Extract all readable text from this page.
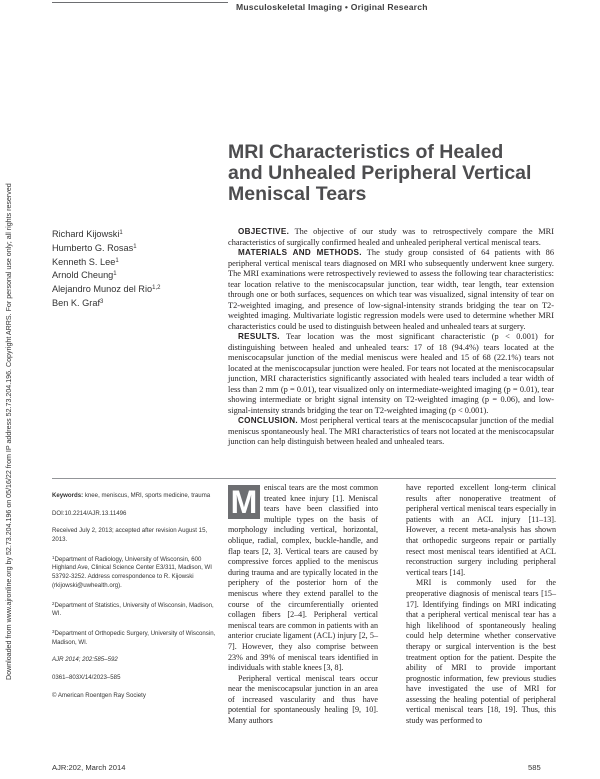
Downloaded from www.ajronline.org by 52.73.204.196 on 05/16/22 from IP address 52.73.204.196. Copyright ARRS. For personal use only; all rights reserved
Musculoskeletal Imaging • Original Research
MRI Characteristics of Healed
and Unhealed Peripheral Vertical
Meniscal Tears
Richard Kijowski$^1$
Humberto G. Rosas$^1$
Kenneth S. Lee$^1$
Arnold Cheung$^1$
Alejandro Munoz del Rio$^{1,2}$
Ben K. Graf$^3$

OBJECTIVE. The objective of our study was to retrospectively compare the MRI characteristics of surgically confirmed healed and unhealed peripheral vertical meniscal tears.

MATERIALS AND METHODS. The study group consisted of 64 patients with 86 peripheral vertical meniscal tears diagnosed on MRI who subsequently underwent knee surgery. The MRI examinations were retrospectively reviewed to assess the following tear characteristics: tear location relative to the meniscocapsular junction, tear width, tear length, tear extension through one or both surfaces, sequences on which tear was visualized, signal intensity of tear on T2-weighted imaging, and presence of low-signal-intensity strands bridging the tear on T2-weighted imaging. Multivariate logistic regression models were used to determine whether MRI characteristics could be used to distinguish between healed and unhealed tears at surgery.

RESULTS. Tear location was the most significant characteristic (p < 0.001) for distinguishing between healed and unhealed tears: 17 of 18 (94.4%) tears located at the meniscocapsular junction of the medial meniscus were healed and 15 of 68 (22.1%) tears not located at the meniscocapsular junction were healed. For tears not located at the meniscocapsular junction, MRI characteristics significantly associated with healed tears included a tear width of less than 2 mm (p = 0.01), tear visualized only on intermediate-weighted imaging (p = 0.01), tear showing intermediate or bright signal intensity on T2-weighted imaging (p = 0.06), and low-signal-intensity strands bridging the tear on T2-weighted imaging (p < 0.001).

CONCLUSION. Most peripheral vertical tears at the meniscocapsular junction of the medial meniscus spontaneously heal. The MRI characteristics of tears not located at the meniscocapsular junction can help distinguish between healed and unhealed tears.

Keywords: knee, meniscus, MRI, sports medicine, trauma

DOI:10.2214/AJR.13.11496

Received July 2, 2013; accepted after revision August 15, 2013.

$^1$Department of Radiology, University of Wisconsin, 600 Highland Ave, Clinical Science Center E3/311, Madison, WI 53792-3252. Address correspondence to R. Kijowski (rkijowski@uwhealth.org).

$^2$Department of Statistics, University of Wisconsin, Madison, WI.

$^3$Department of Orthopedic Surgery, University of Wisconsin, Madison, WI.

AJR 2014; 202:585–592

0361–803X/14/2023–585

© American Roentgen Ray Society

M eniscal tears are the most common treated knee injury [1]. Meniscal tears have been classified into multiple types on the basis of morphology including vertical, horizontal, oblique, radial, complex, buckle-handle, and flap tears [2, 3]. Vertical tears are caused by compressive forces applied to the meniscus during trauma and are typically located in the periphery of the posterior horn of the meniscus where they extend parallel to the course of the circumferentially oriented collagen fibers [2–4]. Peripheral vertical meniscal tears are common in patients with an anterior cruciate ligament (ACL) injury [2, 5–7]. However, they also comprise between 23% and 39% of meniscal tears identified in individuals with stable knees [3, 8].

Peripheral vertical meniscal tears occur near the meniscocapsular junction in an area of increased vascularity and thus have potential for spontaneously healing [9, 10]. Many authors

have reported excellent long-term clinical results after nonoperative treatment of peripheral vertical meniscal tears especially in patients with an ACL injury [11–13]. However, a recent meta-analysis has shown that orthopedic surgeons repair or partially resect most meniscal tears identified at ACL reconstruction surgery including peripheral vertical tears [14].

MRI is commonly used for the preoperative diagnosis of meniscal tears [15–17]. Identifying findings on MRI indicating that a peripheral vertical meniscal tear has a high likelihood of spontaneously healing could help determine whether conservative therapy or surgical intervention is the best treatment option for the patient. Despite the ability of MRI to provide important prognostic information, few previous studies have investigated the use of MRI for assessing the healing potential of peripheral vertical meniscal tears [18, 19]. Thus, this study was performed to

AJR:202, March 2014	585
